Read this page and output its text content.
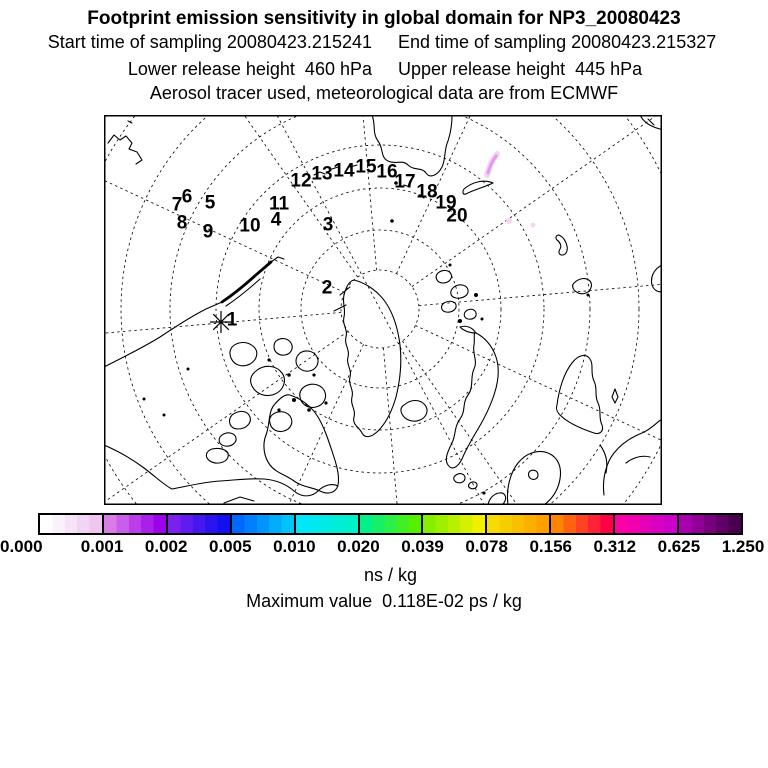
Footprint emission sensitivity in global domain for NP3_20080423
Start time of sampling 20080423.215241	End time of sampling 20080423.215327
Lower release height  460 hPa	Upper release height  445 hPa
Aerosol tracer used, meteorological data are from ECMWF
1
2
3
4
5
6
7
8 9 10
11
12 13 14 15 16
17 18
19
20
0.000 0.001 0.002 0.005 0.010 0.020 0.039 0.078 0.156 0.312 0.625 1.250
ns / kg
Maximum value  0.118E-02 ps / kg
